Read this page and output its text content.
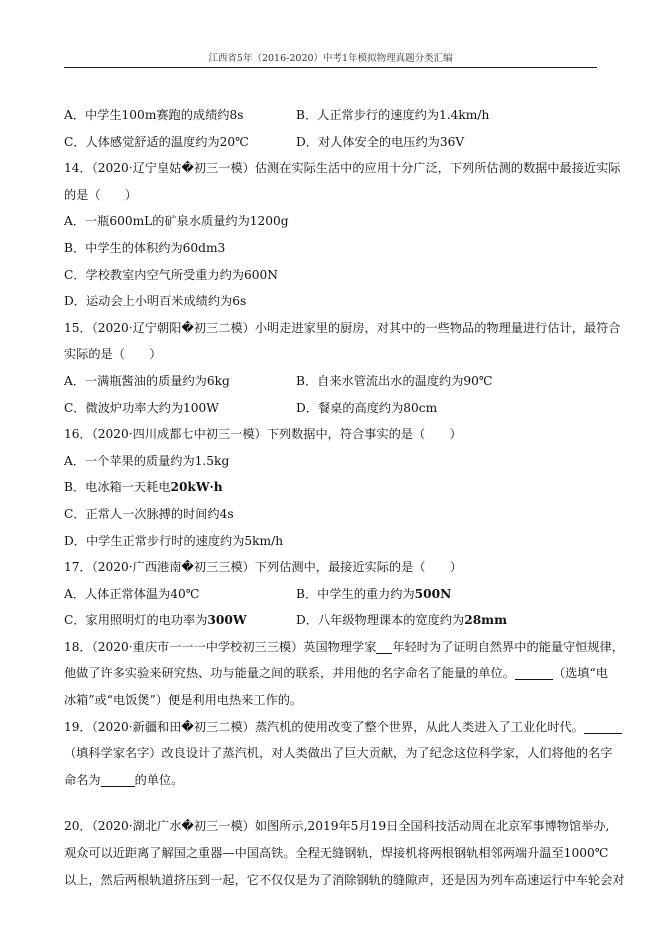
江西省5年（2016-2020）中考1年模拟物理真题分类汇编
A．中学生100m赛跑的成绩约8s	B．人正常步行的速度约为1.4km/h
C．人体感觉舒适的温度约为20℃	D．对人体安全的电压约为36V
14．（2020·辽宁皇姑�初三一模）估测在实际生活中的应用十分广泛，下列所估测的数据中最接近实际
的是（　　）
A．一瓶600mL的矿泉水质量约为1200g
B．中学生的体积约为60dm3
C．学校教室内空气所受重力约为600N
D．运动会上小明百米成绩约为6s
15．（2020·辽宁朝阳�初三二模）小明走进家里的厨房，对其中的一些物品的物理量进行估计，最符合
实际的是（　　）
A．一满瓶酱油的质量约为6kg	B．自来水管流出水的温度约为90℃
C．微波炉功率大约为100W	D．餐桌的高度约为80cm
16．（2020·四川成都七中初三一模）下列数据中，符合事实的是（　　）
A．一个苹果的质量约为1.5kg
B．电冰箱一天耗电20kW·h
C．正常人一次脉搏的时间约4s
D．中学生正常步行时的速度约为5km/h
17．（2020·广西港南�初三三模）下列估测中，最接近实际的是（　　）
A．人体正常体温为40℃	B．中学生的重力约为500N
C．家用照明灯的电功率为300W	D．八年级物理课本的宽度约为28mm
18．（2020·重庆市一一一中学校初三三模）英国物理学家 年轻时为了证明自然界中的能量守恒规律，
他做了许多实验来研究热、功与能量之间的联系，并用他的名字命名了能量的单位。	（选填“电
冰箱”或“电饭煲”）便是利用电热来工作的。
19．（2020·新疆和田�初三二模）蒸汽机的使用改变了整个世界，从此人类进入了工业化时代。
（填科学家名字）改良设计了蒸汽机，对人类做出了巨大贡献，为了纪念这位科学家，人们将他的名字
命名为	的单位。
20．（2020·湖北广水�初三一模）如图所示,2019年5月19日全国科技活动周在北京军事博物馆举办,
观众可以近距离了解国之重器—中国高铁。全程无缝钢轨，焊接机将两根钢轨相邻两端升温至1000℃
以上，然后两根轨道挤压到一起，它不仅仅是为了消除钢轨的缝隙声，还是因为列车高速运行中车轮会对
